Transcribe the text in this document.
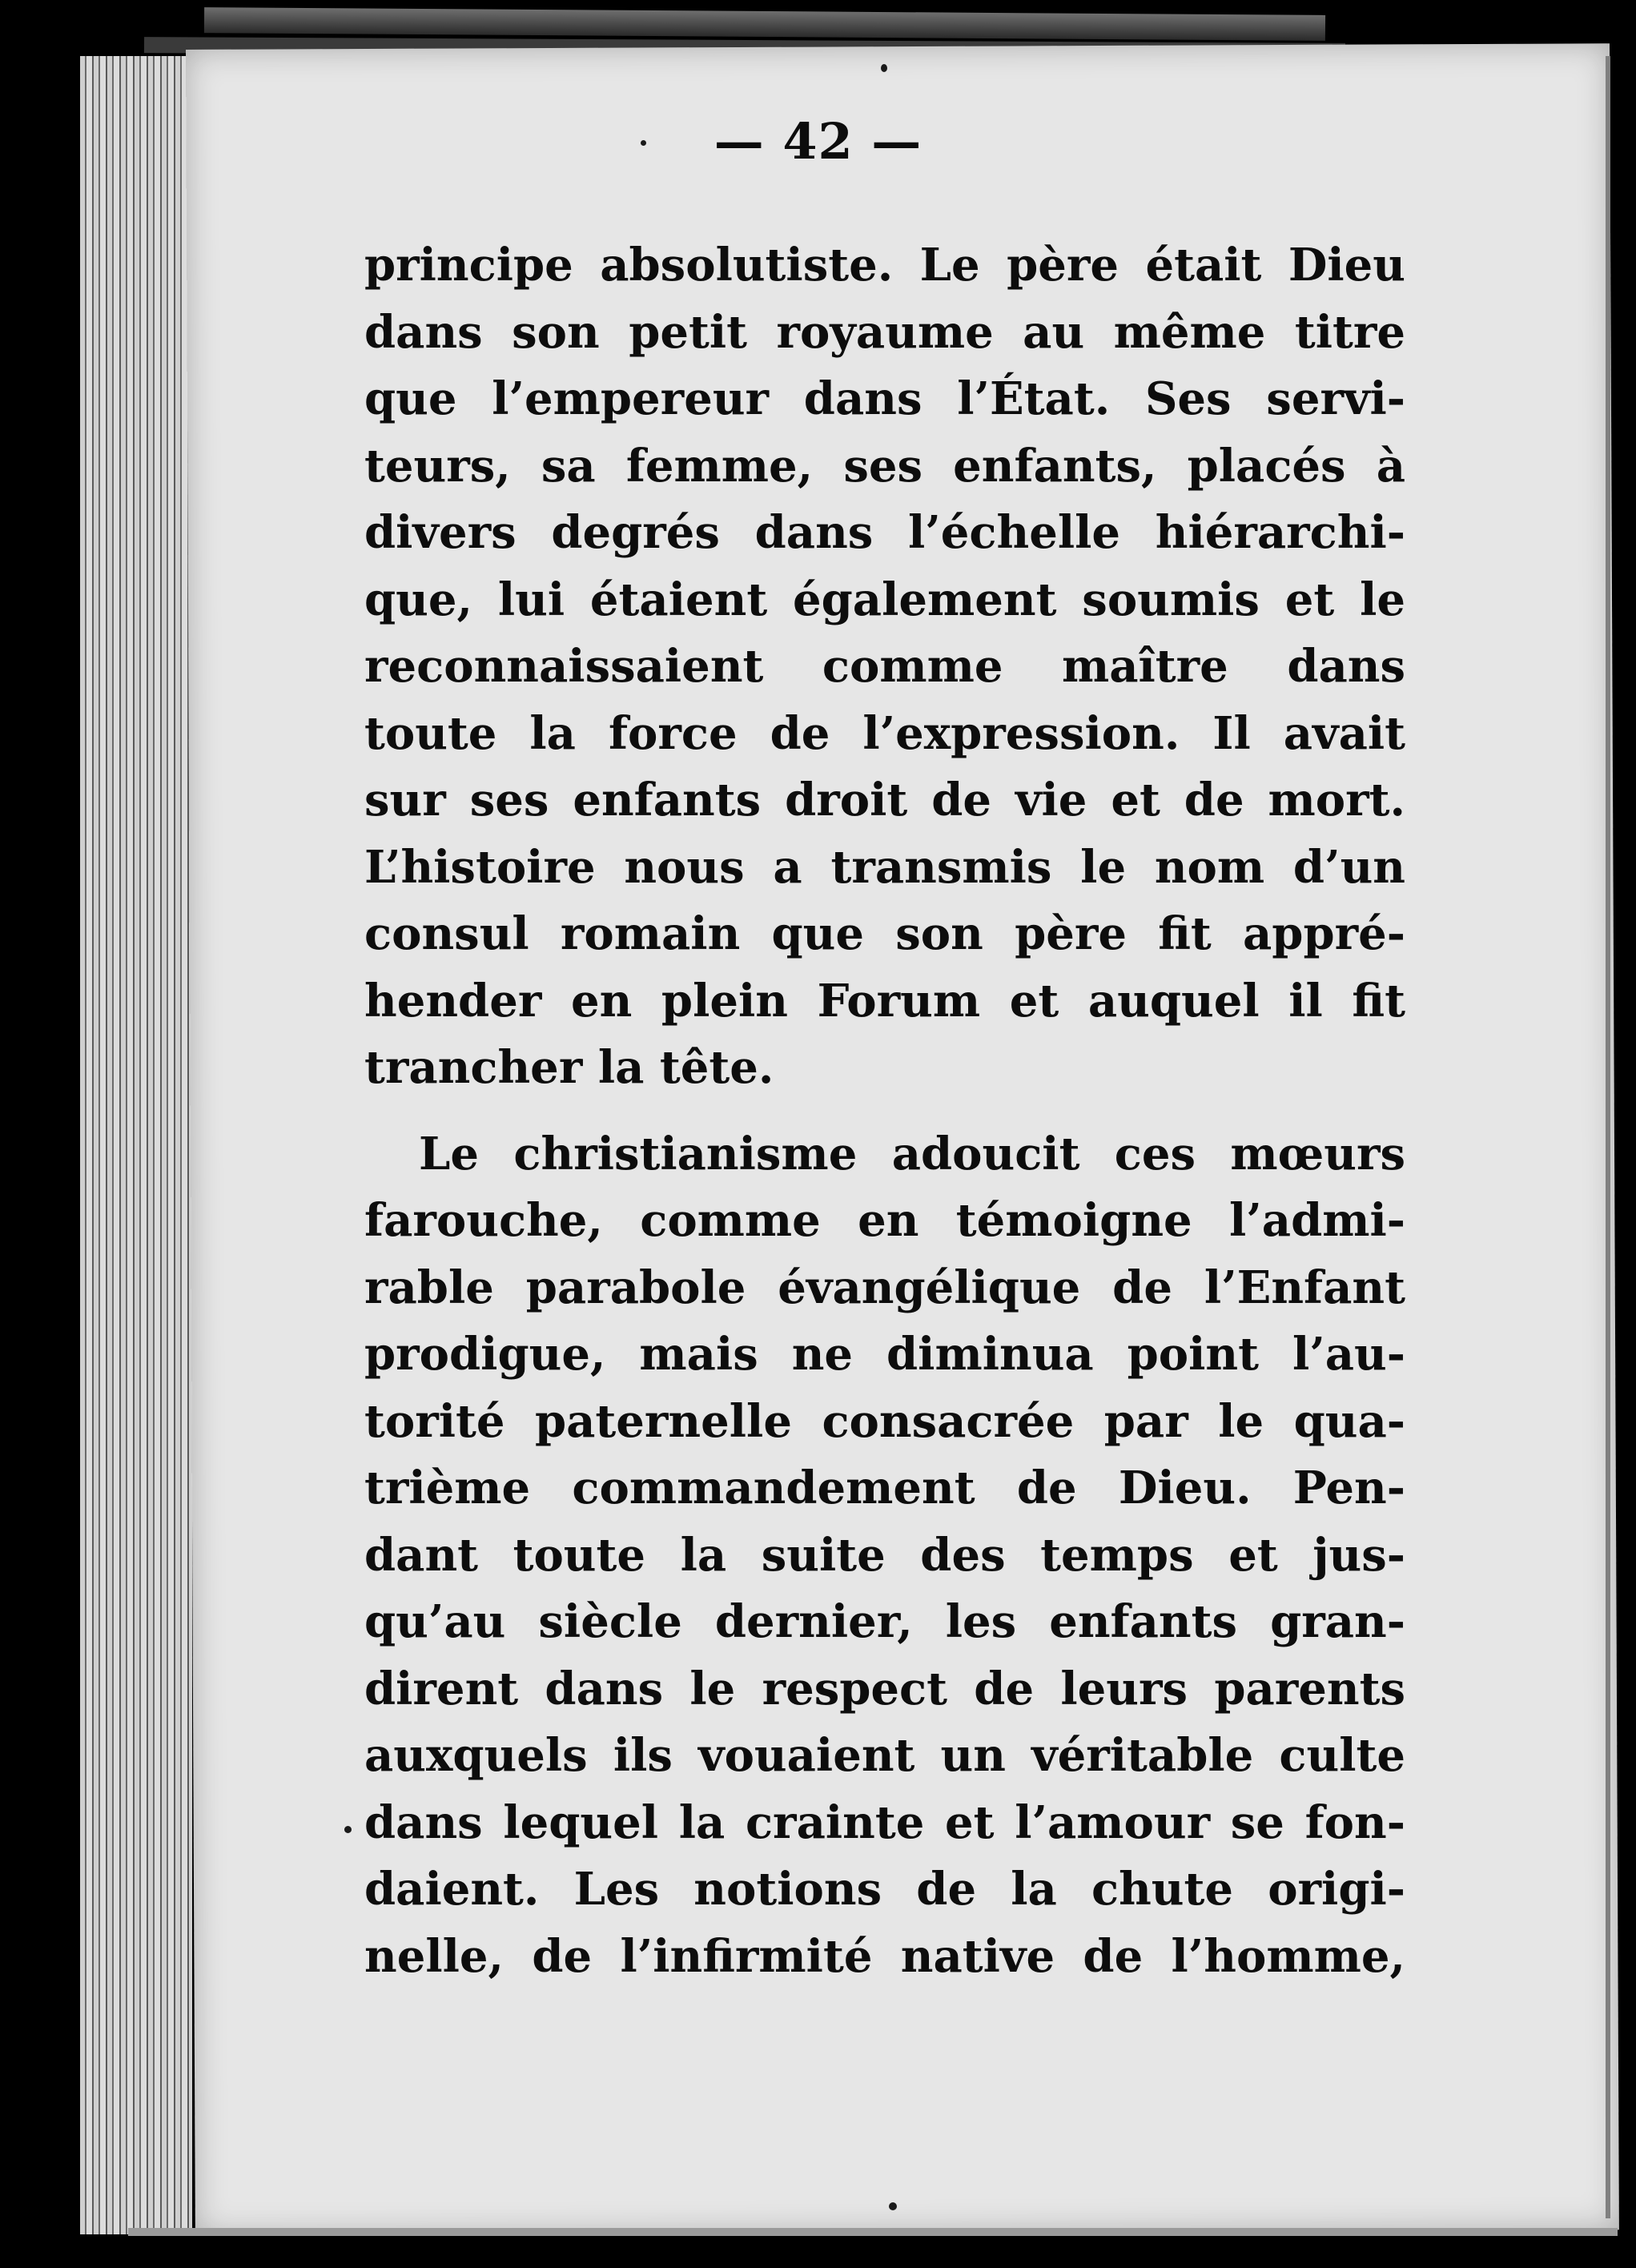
— 42 —
principe absolutiste. Le père était Dieu
dans son petit royaume au même titre
que l’empereur dans l’État. Ses servi-
teurs, sa femme, ses enfants, placés à
divers degrés dans l’échelle hiérarchi-
que, lui étaient également soumis et le
reconnaissaient comme maître dans
toute la force de l’expression. Il avait
sur ses enfants droit de vie et de mort.
L’histoire nous a transmis le nom d’un
consul romain que son père fit appré-
hender en plein Forum et auquel il fit
trancher la tête.
Le christianisme adoucit ces mœurs
farouche, comme en témoigne l’admi-
rable parabole évangélique de l’Enfant
prodigue, mais ne diminua point l’au-
torité paternelle consacrée par le qua-
trième commandement de Dieu. Pen-
dant toute la suite des temps et jus-
qu’au siècle dernier, les enfants gran-
dirent dans le respect de leurs parents
auxquels ils vouaient un véritable culte
dans lequel la crainte et l’amour se fon-
daient. Les notions de la chute origi-
nelle, de l’infirmité native de l’homme,
